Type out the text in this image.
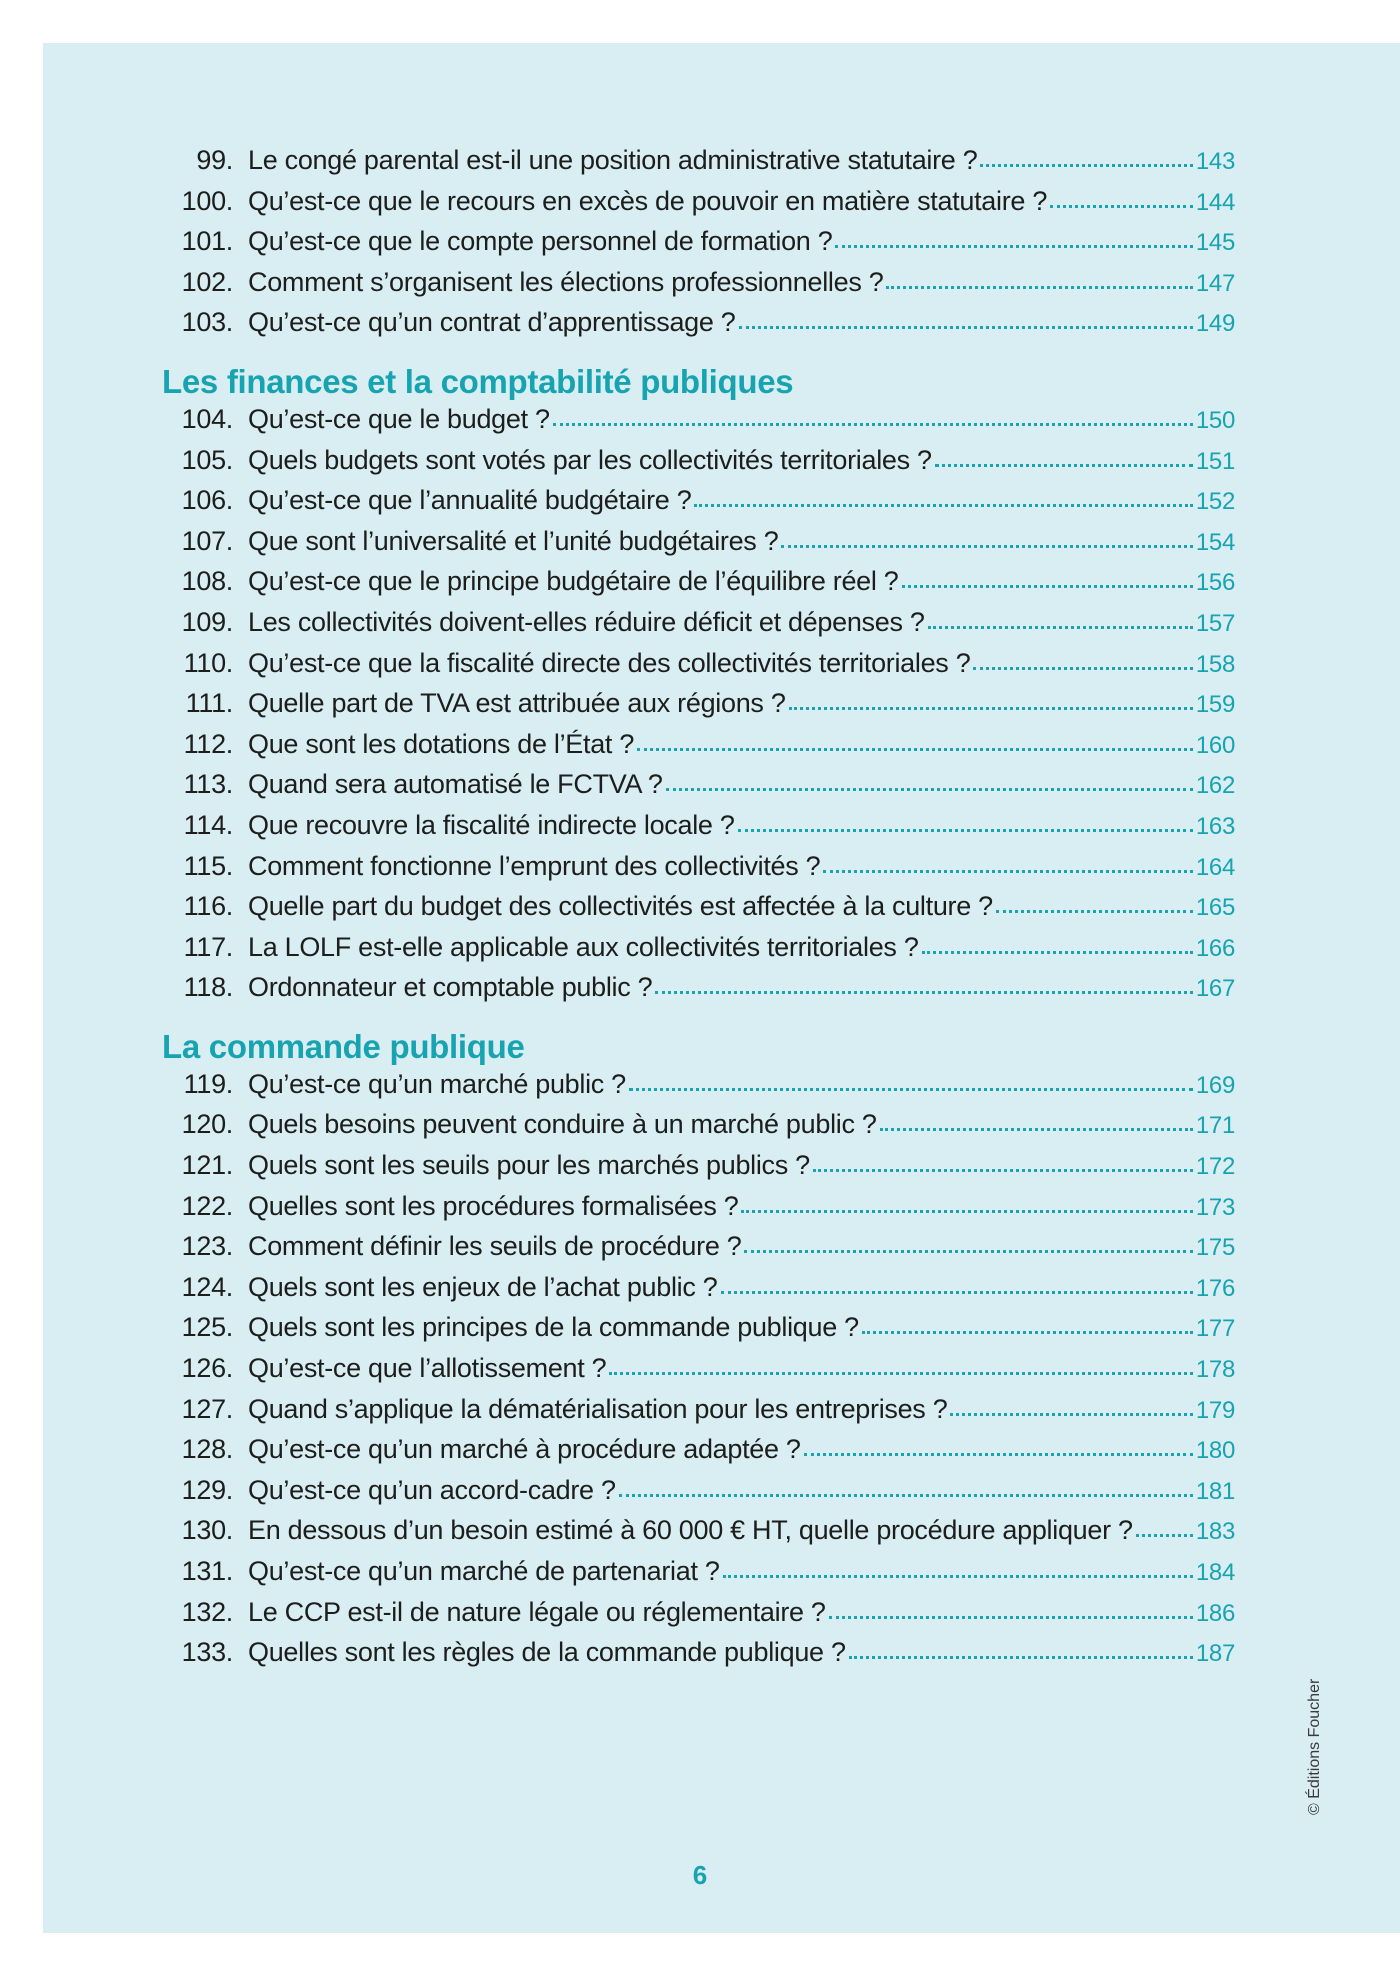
99. Le congé parental est-il une position administrative statutaire ?	143
100. Qu’est-ce que le recours en excès de pouvoir en matière statutaire ?	144
101. Qu’est-ce que le compte personnel de formation ?	145
102. Comment s’organisent les élections professionnelles ?	147
103. Qu’est-ce qu’un contrat d’apprentissage ?	149
Les finances et la comptabilité publiques
104. Qu’est-ce que le budget ?	150
105. Quels budgets sont votés par les collectivités territoriales ?	151
106. Qu’est-ce que l’annualité budgétaire ?	152
107. Que sont l’universalité et l’unité budgétaires ?	154
108. Qu’est-ce que le principe budgétaire de l’équilibre réel ?	156
109. Les collectivités doivent-elles réduire déficit et dépenses ?	157
110. Qu’est-ce que la fiscalité directe des collectivités territoriales ?	158
111. Quelle part de TVA est attribuée aux régions ?	159
112. Que sont les dotations de l’État ?	160
113. Quand sera automatisé le FCTVA ?	162
114. Que recouvre la fiscalité indirecte locale ?	163
115. Comment fonctionne l’emprunt des collectivités ?	164
116. Quelle part du budget des collectivités est affectée à la culture ?	165
117. La LOLF est-elle applicable aux collectivités territoriales ?	166
118. Ordonnateur et comptable public ?	167
La commande publique
119. Qu’est-ce qu’un marché public ?	169
120. Quels besoins peuvent conduire à un marché public ?	171
121. Quels sont les seuils pour les marchés publics ?	172
122. Quelles sont les procédures formalisées ?	173
123. Comment définir les seuils de procédure ?	175
124. Quels sont les enjeux de l’achat public ?	176
125. Quels sont les principes de la commande publique ?	177
126. Qu’est-ce que l’allotissement ?	178
127. Quand s’applique la dématérialisation pour les entreprises ?	179
128. Qu’est-ce qu’un marché à procédure adaptée ?	180
129. Qu’est-ce qu’un accord-cadre ?	181
130. En dessous d’un besoin estimé à 60 000 € HT, quelle procédure appliquer ?	183
131. Qu’est-ce qu’un marché de partenariat ?	184
132. Le CCP est-il de nature légale ou réglementaire ?	186
133. Quelles sont les règles de la commande publique ?	187
6
© Éditions Foucher
